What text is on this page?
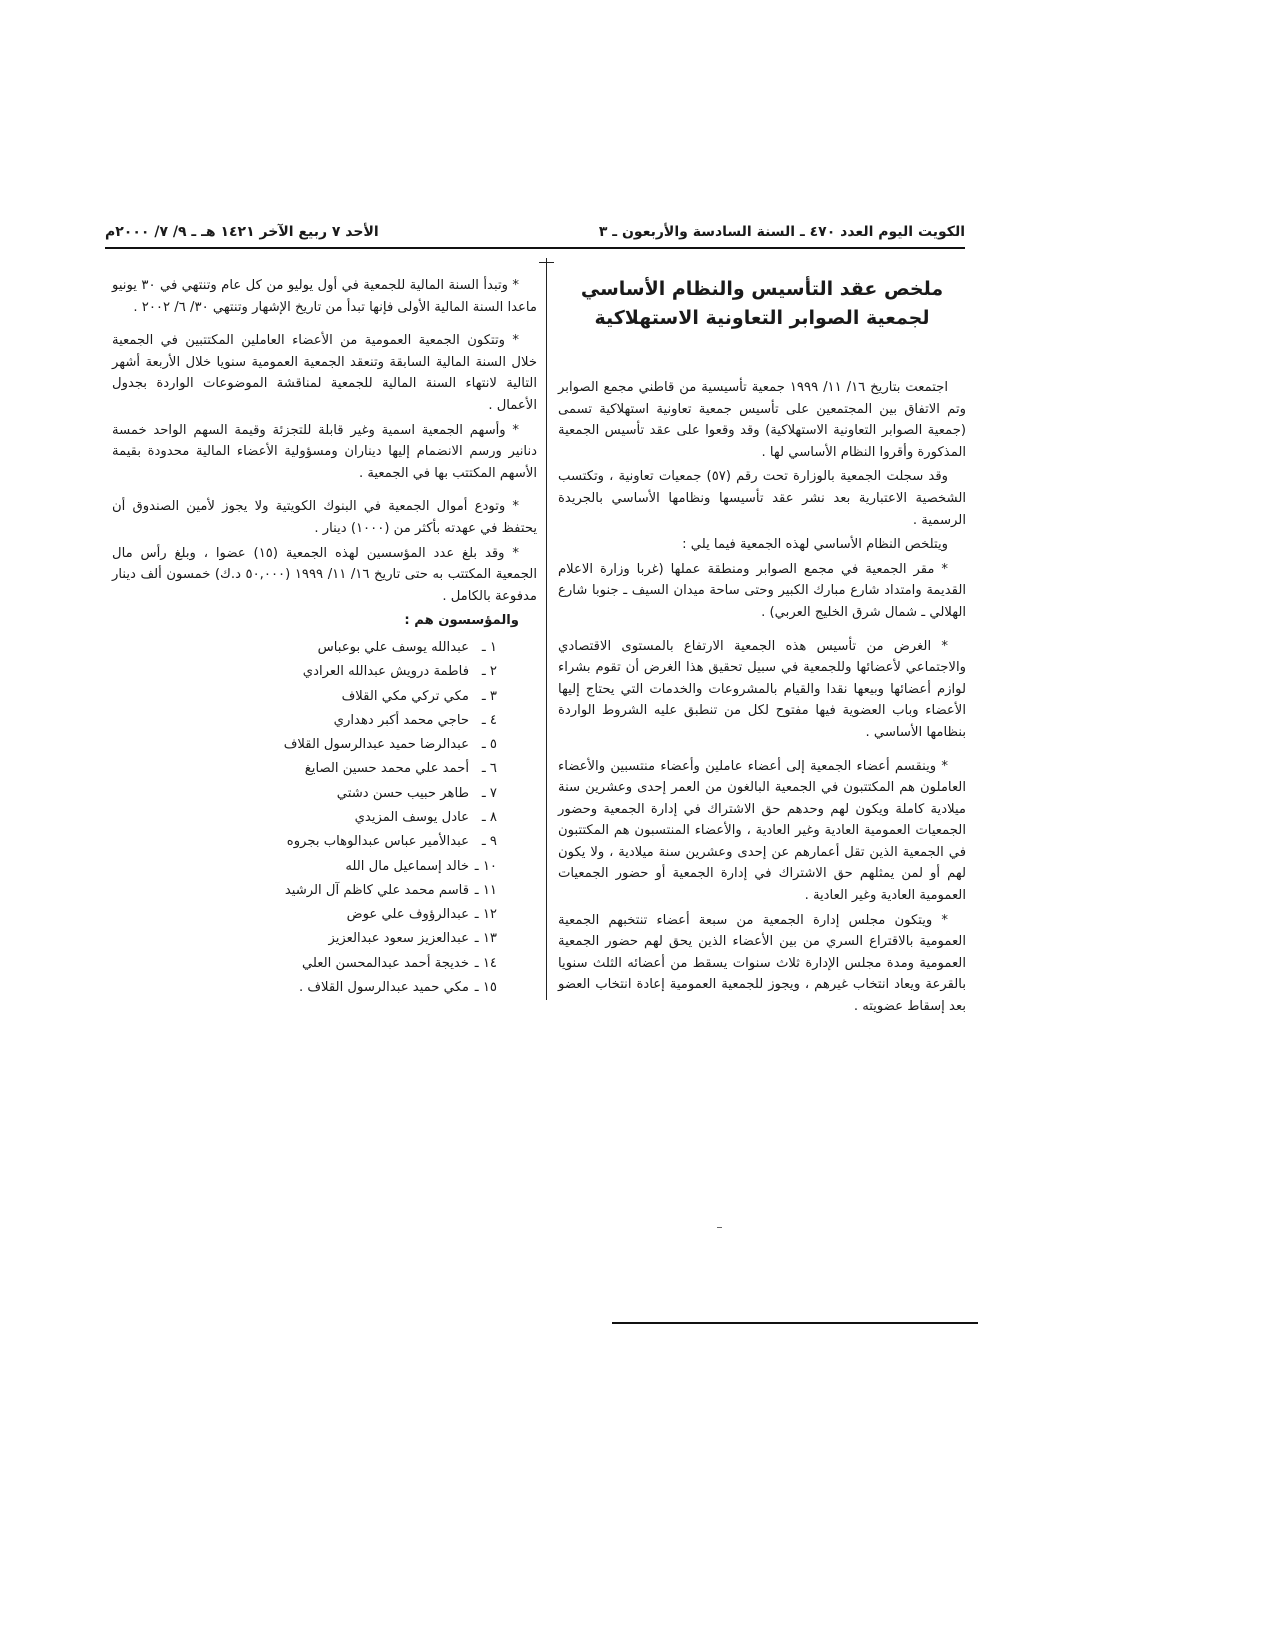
الكويت اليوم العدد ٤٧٠ ـ السنة السادسة والأربعون ـ ٣
الأحد ٧ ربيع الآخر ١٤٢١ هـ ـ ٩/ ٧/ ٢٠٠٠م
ملخص عقد التأسيس والنظام الأساسي لجمعية الصوابر التعاونية الاستهلاكية

اجتمعت بتاريخ ١٦/ ١١/ ١٩٩٩ جمعية تأسيسية من قاطني مجمع الصوابر وتم الاتفاق بين المجتمعين على تأسيس جمعية تعاونية استهلاكية تسمى (جمعية الصوابر التعاونية الاستهلاكية) وقد وقعوا على عقد تأسيس الجمعية المذكورة وأقروا النظام الأساسي لها .

وقد سجلت الجمعية بالوزارة تحت رقم (٥٧) جمعيات تعاونية ، وتكتسب الشخصية الاعتبارية بعد نشر عقد تأسيسها ونظامها الأساسي بالجريدة الرسمية .

ويتلخص النظام الأساسي لهذه الجمعية فيما يلي :

* مقر الجمعية في مجمع الصوابر ومنطقة عملها (غربا وزارة الاعلام القديمة وامتداد شارع مبارك الكبير وحتى ساحة ميدان السيف ـ جنوبا شارع الهلالي ـ شمال شرق الخليج العربي) .

* الغرض من تأسيس هذه الجمعية الارتفاع بالمستوى الاقتصادي والاجتماعي لأعضائها وللجمعية في سبيل تحقيق هذا الغرض أن تقوم بشراء لوازم أعضائها وبيعها نقدا والقيام بالمشروعات والخدمات التي يحتاج إليها الأعضاء وباب العضوية فيها مفتوح لكل من تنطبق عليه الشروط الواردة بنظامها الأساسي .

* وينقسم أعضاء الجمعية إلى أعضاء عاملين وأعضاء منتسبين والأعضاء العاملون هم المكتتبون في الجمعية البالغون من العمر إحدى وعشرين سنة ميلادية كاملة ويكون لهم وحدهم حق الاشتراك في إدارة الجمعية وحضور الجمعيات العمومية العادية وغير العادية ، والأعضاء المنتسبون هم المكتتبون في الجمعية الذين تقل أعمارهم عن إحدى وعشرين سنة ميلادية ، ولا يكون لهم أو لمن يمثلهم حق الاشتراك في إدارة الجمعية أو حضور الجمعيات العمومية العادية وغير العادية .

* ويتكون مجلس إدارة الجمعية من سبعة أعضاء تنتخبهم الجمعية العمومية بالاقتراع السري من بين الأعضاء الذين يحق لهم حضور الجمعية العمومية ومدة مجلس الإدارة ثلاث سنوات يسقط من أعضائه الثلث سنويا بالقرعة ويعاد انتخاب غيرهم ، ويجوز للجمعية العمومية إعادة انتخاب العضو بعد إسقاط عضويته .

* وتبدأ السنة المالية للجمعية في أول يوليو من كل عام وتنتهي في ٣٠ يونيو ماعدا السنة المالية الأولى فإنها تبدأ من تاريخ الإشهار وتنتهي ٣٠/ ٦/ ٢٠٠٢ .

* وتتكون الجمعية العمومية من الأعضاء العاملين المكتتبين في الجمعية خلال السنة المالية السابقة وتنعقد الجمعية العمومية سنويا خلال الأربعة أشهر التالية لانتهاء السنة المالية للجمعية لمناقشة الموضوعات الواردة بجدول الأعمال .

* وأسهم الجمعية اسمية وغير قابلة للتجزئة وقيمة السهم الواحد خمسة دنانير ورسم الانضمام إليها ديناران ومسؤولية الأعضاء المالية محدودة بقيمة الأسهم المكتتب بها في الجمعية .

* وتودع أموال الجمعية في البنوك الكويتية ولا يجوز لأمين الصندوق أن يحتفظ في عهدته بأكثر من (١٠٠٠) دينار .

* وقد بلغ عدد المؤسسين لهذه الجمعية (١٥) عضوا ، وبلغ رأس مال الجمعية المكتتب به حتى تاريخ ١٦/ ١١/ ١٩٩٩ (٥٠,٠٠٠ د.ك) خمسون ألف دينار مدفوعة بالكامل .

والمؤسسون هم :
١ ـعبدالله يوسف علي بوعباس
٢ ـفاطمة درويش عبدالله العرادي
٣ ـمكي تركي مكي القلاف
٤ ـحاجي محمد أكبر دهداري
٥ ـعبدالرضا حميد عبدالرسول القلاف
٦ ـأحمد علي محمد حسين الصايغ
٧ ـطاهر حبيب حسن دشتي
٨ ـعادل يوسف المزيدي
٩ ـعبدالأمير عباس عبدالوهاب بجروه
١٠ ـخالد إسماعيل مال الله
١١ ـقاسم محمد علي كاظم آل الرشيد
١٢ ـعبدالرؤوف علي عوض
١٣ ـعبدالعزيز سعود عبدالعزيز
١٤ ـخديجة أحمد عبدالمحسن العلي
١٥ ـمكي حميد عبدالرسول القلاف .
